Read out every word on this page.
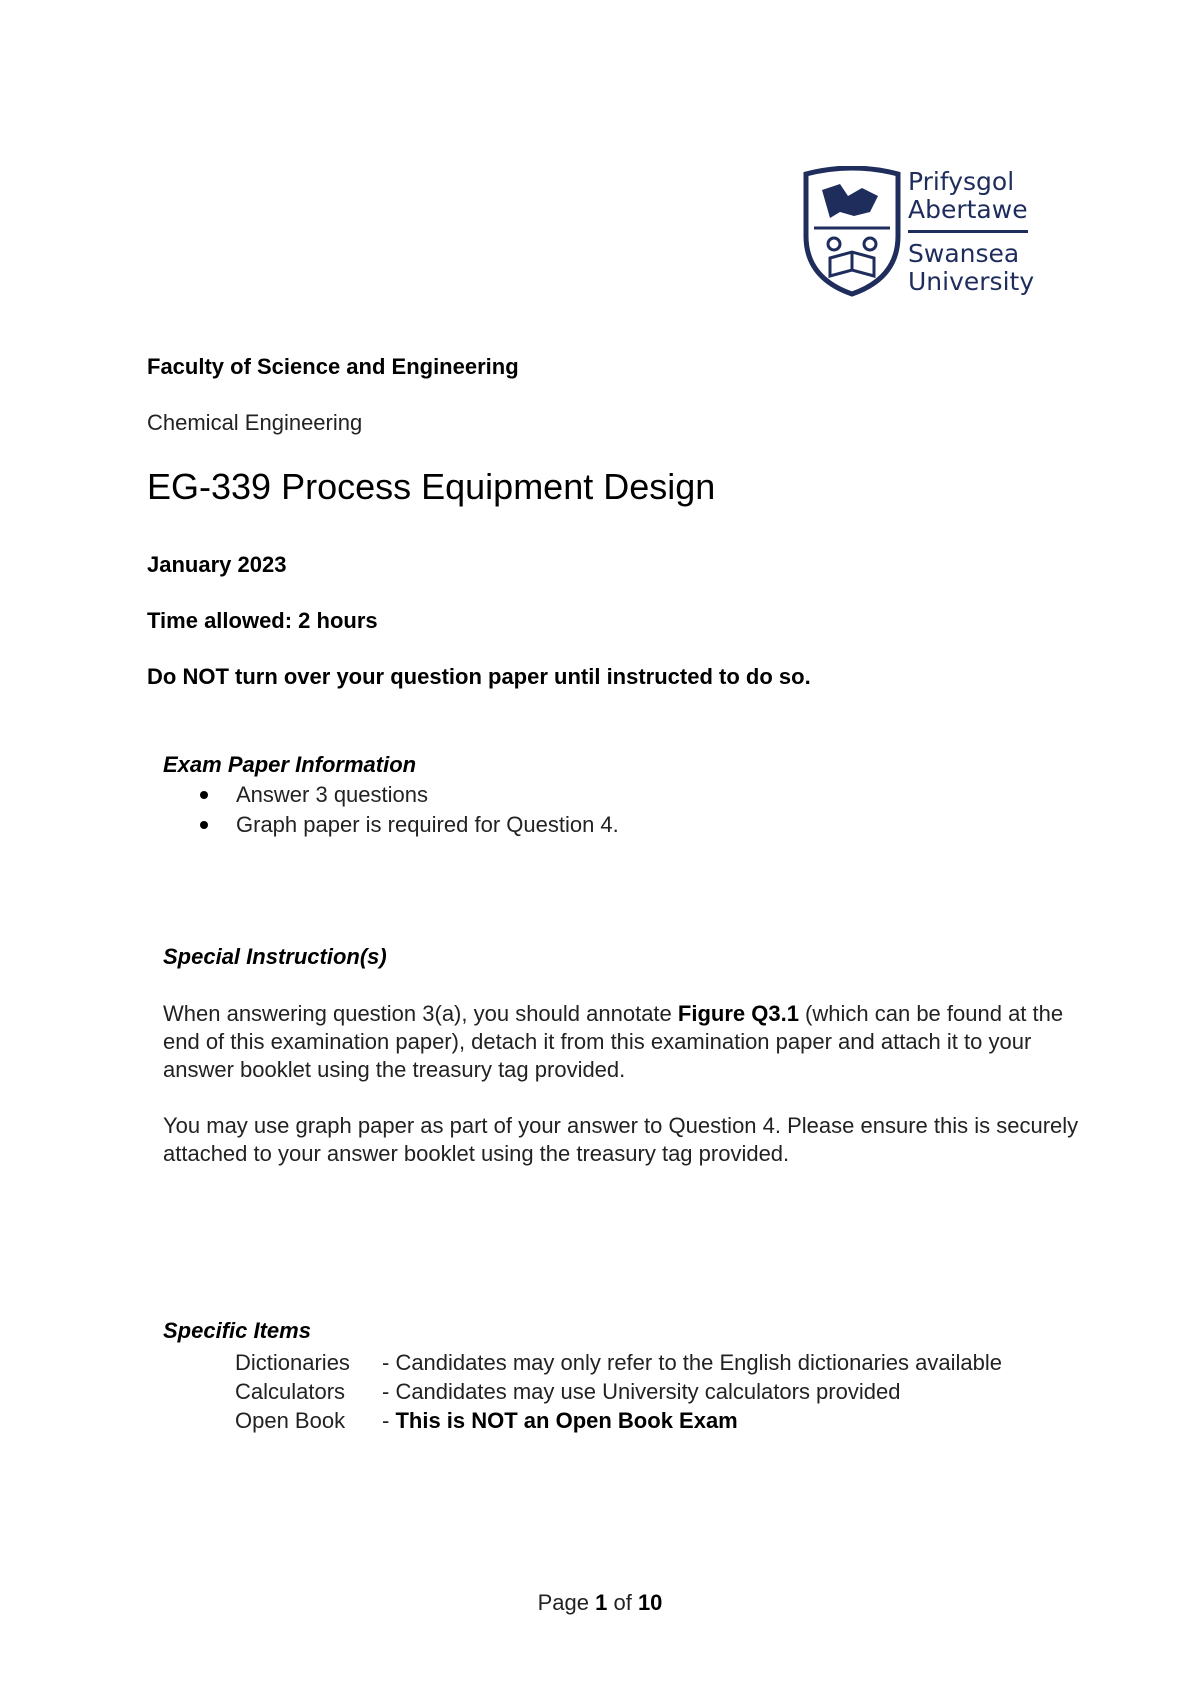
Prifysgol
Abertawe
Swansea
University
Faculty of Science and Engineering
Chemical Engineering
EG-339 Process Equipment Design
January 2023
Time allowed: 2 hours
Do NOT turn over your question paper until instructed to do so.
Exam Paper Information
Answer 3 questions
Graph paper is required for Question 4.
Special Instruction(s)
When answering question 3(a), you should annotate Figure Q3.1 (which can be found at the end of this examination paper), detach it from this examination paper and attach it to your answer booklet using the treasury tag provided.
You may use graph paper as part of your answer to Question 4. Please ensure this is securely attached to your answer booklet using the treasury tag provided.
Specific Items
Dictionaries	- Candidates may only refer to the English dictionaries available
Calculators	- Candidates may use University calculators provided
Open Book	- This is NOT an Open Book Exam
Page 1 of 10
